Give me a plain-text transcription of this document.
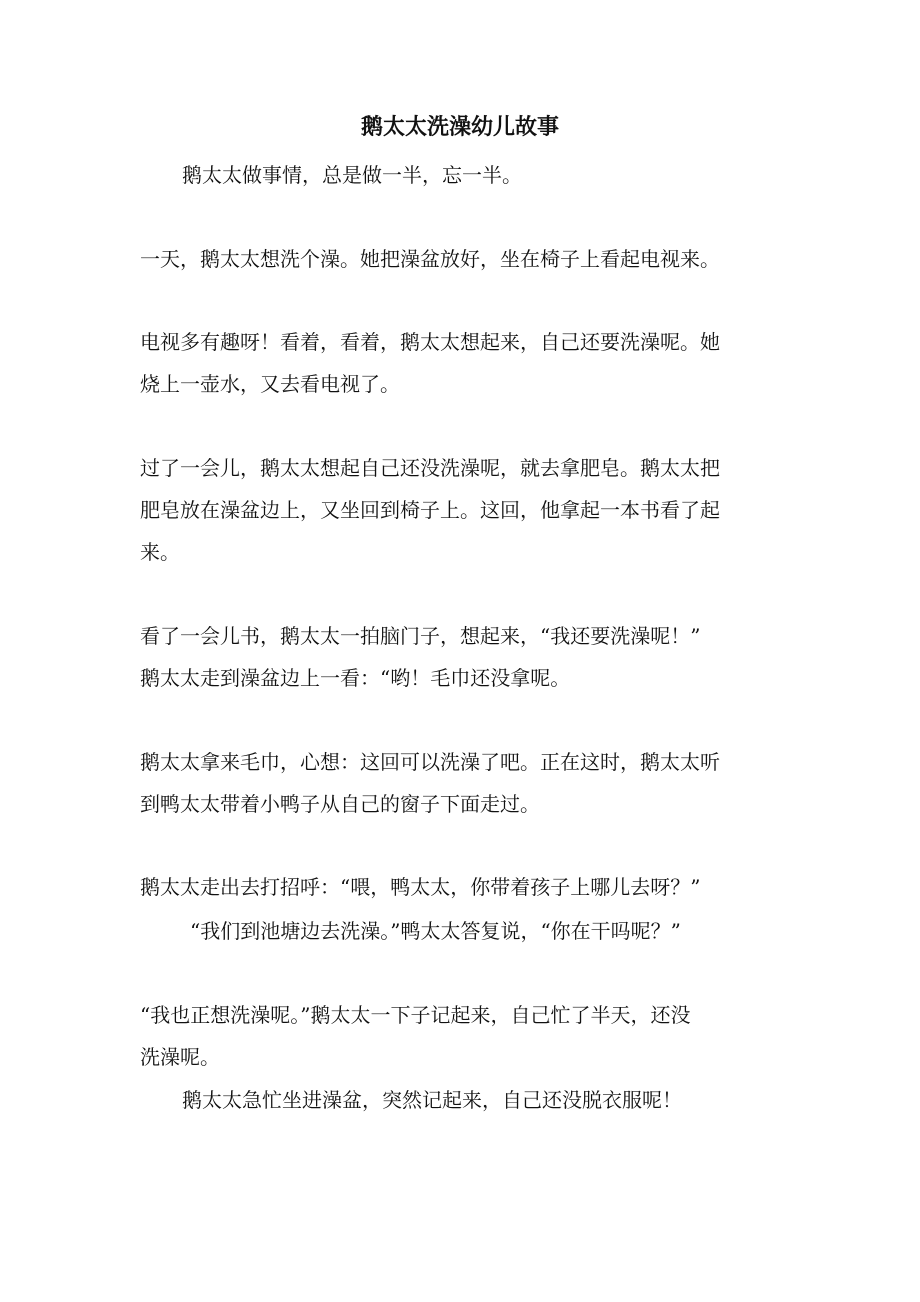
鹅太太洗澡幼儿故事
鹅太太做事情，总是做一半，忘一半。
一天，鹅太太想洗个澡。她把澡盆放好，坐在椅子上看起电视来。
电视多有趣呀！看着，看着，鹅太太想起来，自己还要洗澡呢。她
烧上一壶水，又去看电视了。
过了一会儿，鹅太太想起自己还没洗澡呢，就去拿肥皂。鹅太太把
肥皂放在澡盆边上，又坐回到椅子上。这回，他拿起一本书看了起
来。
看了一会儿书，鹅太太一拍脑门子，想起来，“我还要洗澡呢！”
鹅太太走到澡盆边上一看：“哟！毛巾还没拿呢。
鹅太太拿来毛巾，心想：这回可以洗澡了吧。正在这时，鹅太太听
到鸭太太带着小鸭子从自己的窗子下面走过。
鹅太太走出去打招呼：“喂，鸭太太，你带着孩子上哪儿去呀？”
“我们到池塘边去洗澡。”鸭太太答复说，“你在干吗呢？”
“我也正想洗澡呢。”鹅太太一下子记起来，自己忙了半天，还没
洗澡呢。
鹅太太急忙坐进澡盆，突然记起来，自己还没脱衣服呢！
